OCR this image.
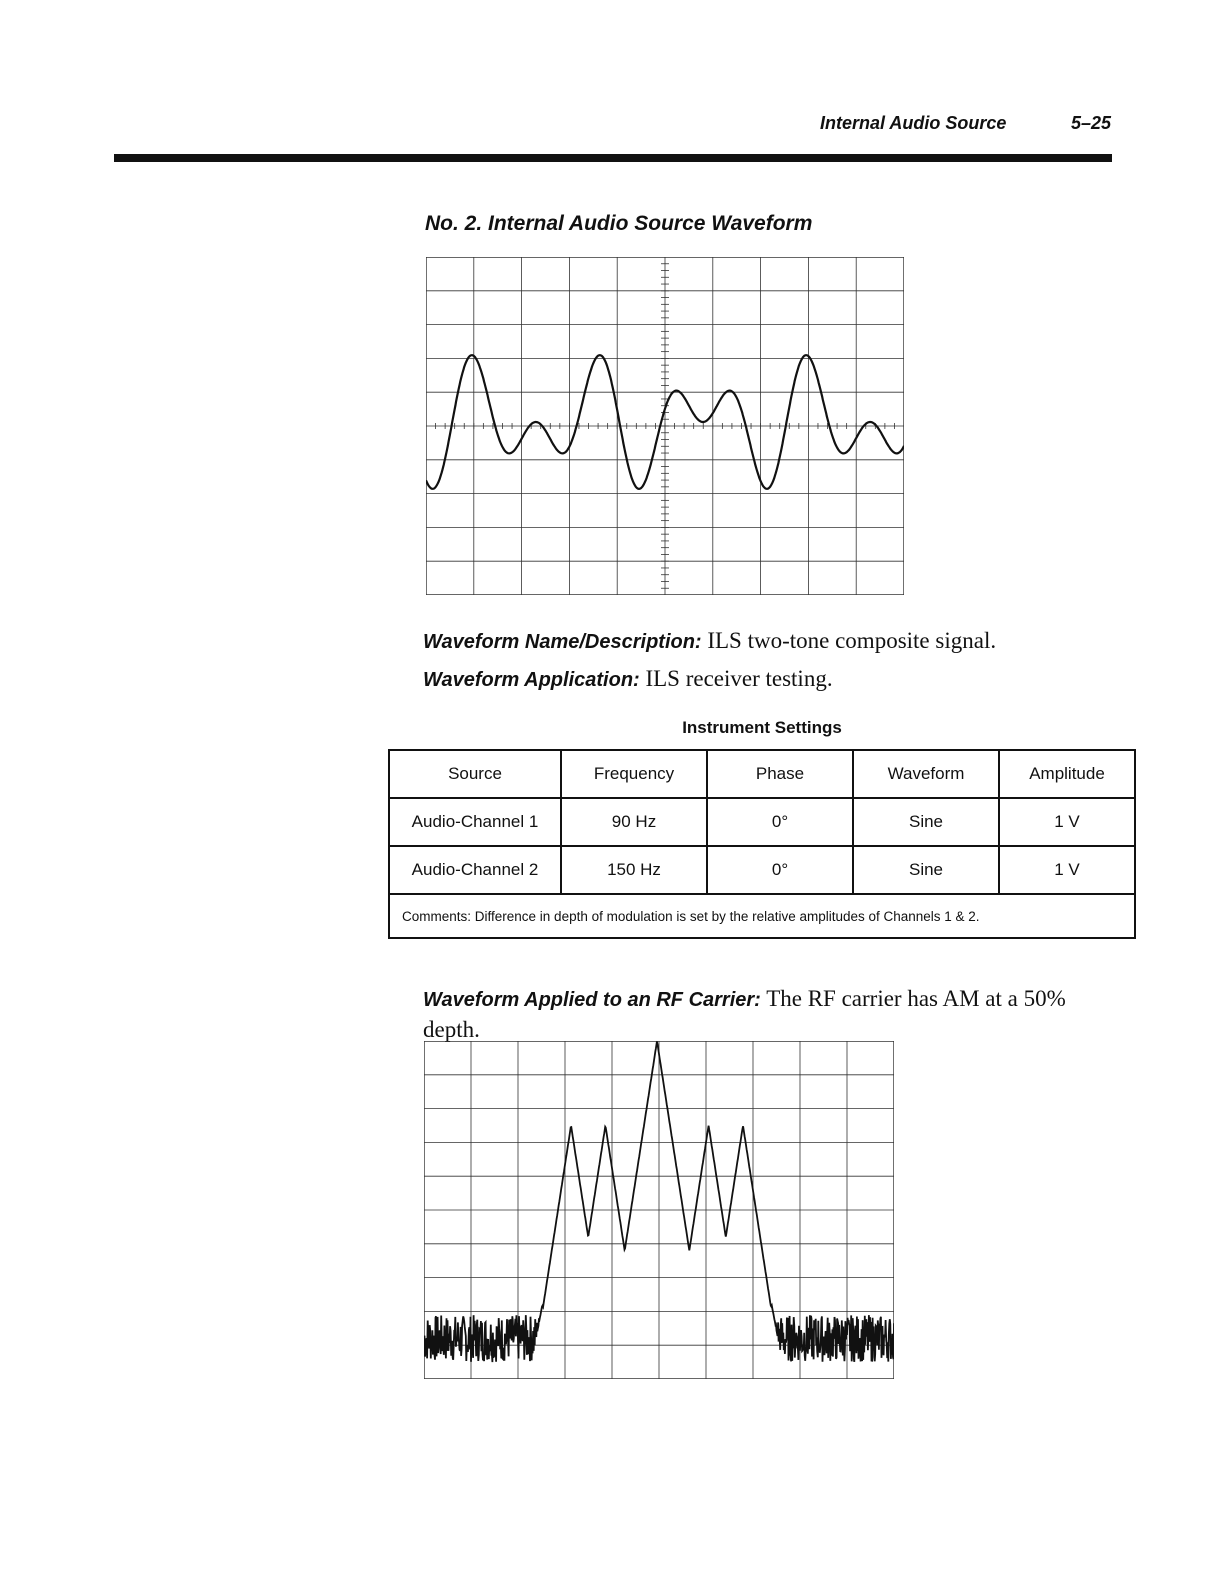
Internal Audio Source	5–25
No. 2. Internal Audio Source Waveform
Waveform Name/Description: ILS two-tone composite signal.
Waveform Application: ILS receiver testing.
Instrument Settings
Source	Frequency	Phase	Waveform	Amplitude
Audio-Channel 1	90 Hz	0°	Sine	1 V
Audio-Channel 2	150 Hz	0°	Sine	1 V
Comments: Difference in depth of modulation is set by the relative amplitudes of Channels 1 & 2.				
Waveform Applied to an RF Carrier: The RF carrier has AM at a 50% depth.
